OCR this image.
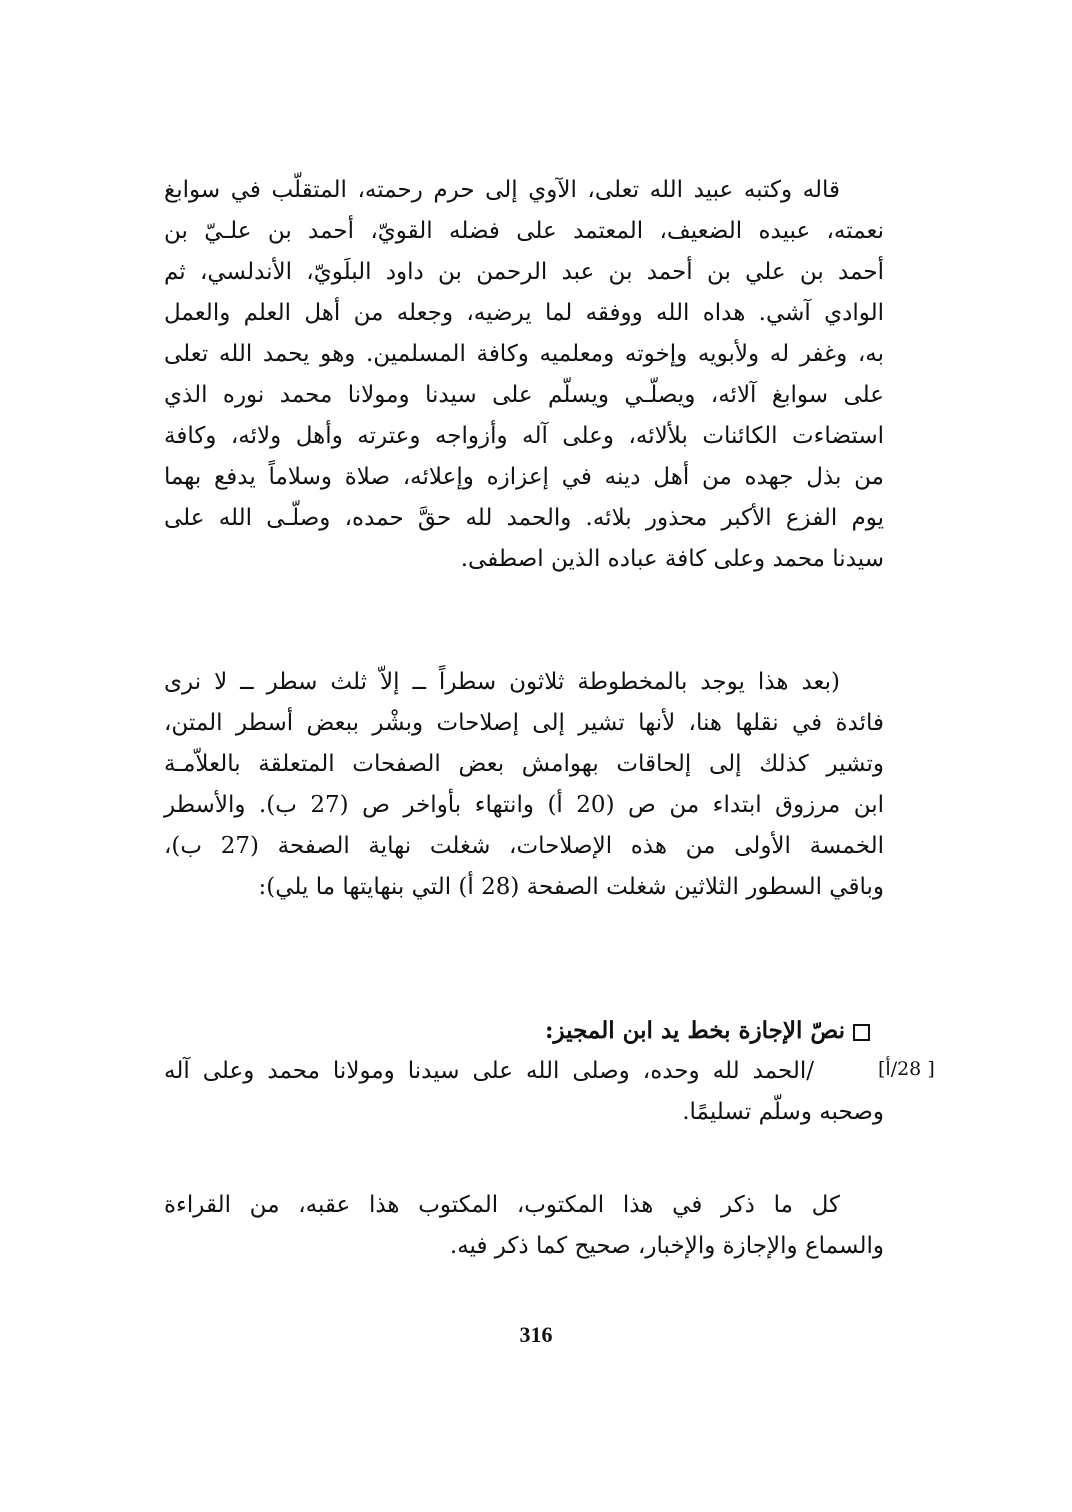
قاله وكتبه عبيد الله تعلى، الآوي إلى حرم رحمته، المتقلّب في سوابغ
نعمته، عبيده الضعيف، المعتمد على فضله القويّ، أحمد بن علـيّ بن
أحمد بن علي بن أحمد بن عبد الرحمن بن داود البلَويّ، الأندلسي، ثم
الوادي آشي. هداه الله ووفقه لما يرضيه، وجعله من أهل العلم والعمل
به، وغفر له ولأبويه وإخوته ومعلميه وكافة المسلمين. وهو يحمد الله تعلى
على سوابغ آلائه، ويصلّـي ويسلّم على سيدنا ومولانا محمد نوره الذي
استضاءت الكائنات بلألائه، وعلى آله وأزواجه وعترته وأهل ولائه، وكافة
من بذل جهده من أهل دينه في إعزازه وإعلائه، صلاة وسلاماً يدفع بهما
يوم الفزع الأكبر محذور بلائه. والحمد لله حقَّ حمده، وصلّـى الله على
سيدنا محمد وعلى كافة عباده الذين اصطفى.
(بعد هذا يوجد بالمخطوطة ثلاثون سطراً ــ إلاّ ثلث سطر ــ لا نرى
فائدة في نقلها هنا، لأنها تشير إلى إصلاحات وبشْر ببعض أسطر المتن،
وتشير كذلك إلى إلحاقات بهوامش بعض الصفحات المتعلقة بالعلاّمـة
ابن مرزوق ابتداء من ص (20 أ) وانتهاء بأواخر ص (27 ب). والأسطر
الخمسة الأولى من هذه الإصلاحات، شغلت نهاية الصفحة (27 ب)،
وباقي السطور الثلاثين شغلت الصفحة (28 أ) التي بنهايتها ما يلي):
نصّ الإجازة بخط يد ابن المجيز:
/الحمد لله وحده، وصلى الله على سيدنا ومولانا محمد وعلى آله
وصحبه وسلّم تسليمًا.
[ 28/أ]
كل ما ذكر في هذا المكتوب، المكتوب هذا عقبه، من القراءة
والسماع والإجازة والإخبار، صحيح كما ذكر فيه.
316
